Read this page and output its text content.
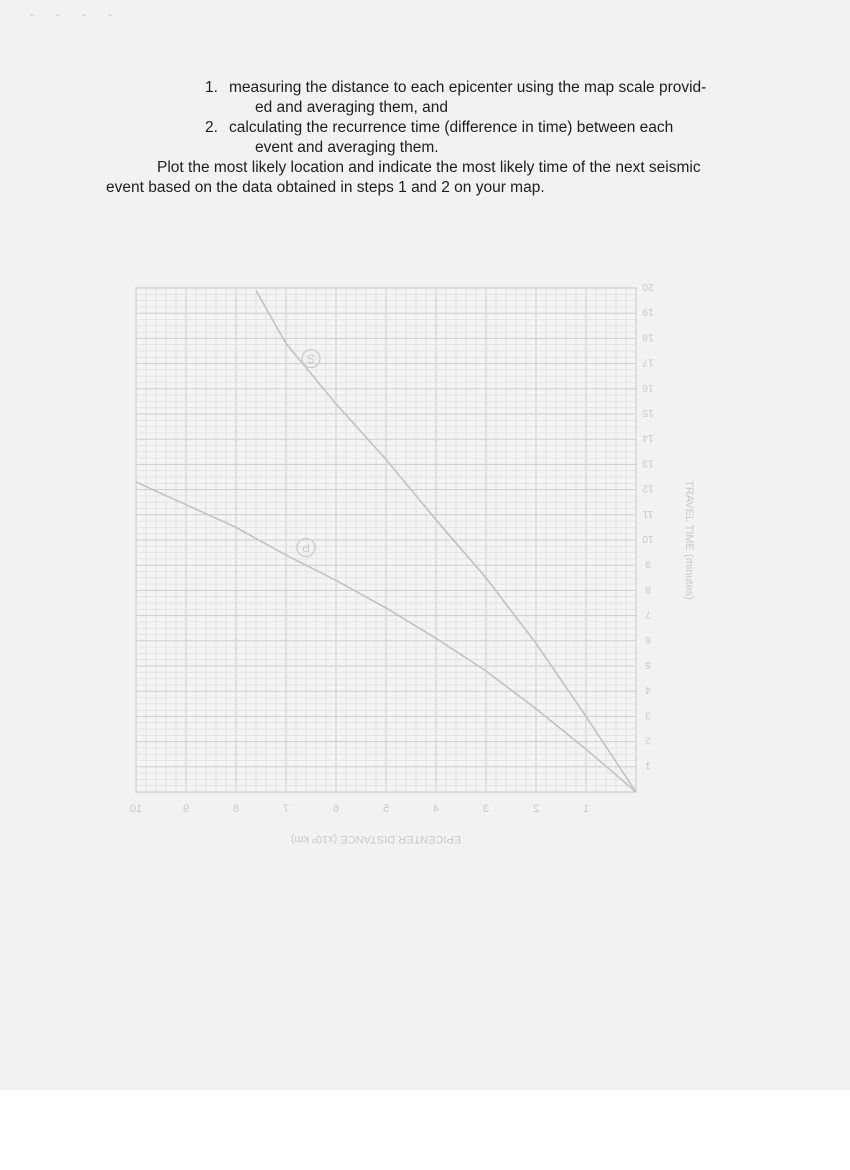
- - - -
1. measuring the distance to each epicenter using the map scale provid-
ed and averaging them, and
2. calculating the recurrence time (difference in time) between each
event and averaging them.
Plot the most likely location and indicate the most likely time of the next seismic
event based on the data obtained in steps 1 and 2 on your map.
1
2
3
4
5
6
7
8
9
10
1
2
3
4
5
6
7
8
9
10
11
12
13
14
15
16
17
18
19
20
EPICENTER DISTANCE (x10³ km)
TRAVEL TIME (minutes)
S
P
